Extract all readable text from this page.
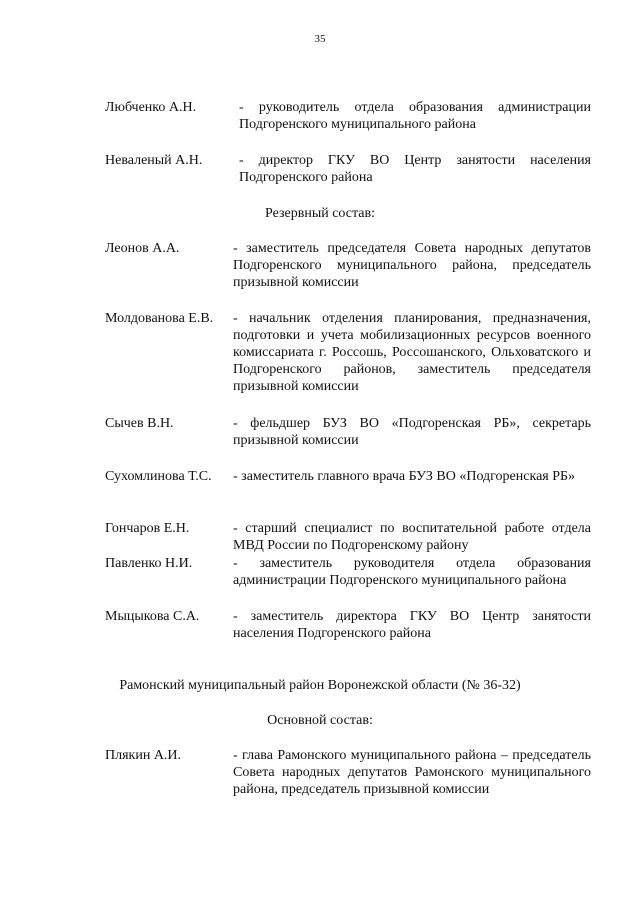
35
Любченко А.Н.	- руководитель отдела образования администрации Подгоренского муниципального района
Неваленый А.Н.	- директор ГКУ ВО Центр занятости населения Подгоренского района
Резервный состав:
Леонов А.А.	- заместитель председателя Совета народных депутатов Подгоренского муниципального района, председатель призывной комиссии
Молдованова Е.В. - начальник отделения планирования, предназначения, подготовки и учета мобилизационных ресурсов военного комиссариата г. Россошь, Россошанского, Ольховатского и Подгоренского районов, заместитель председателя призывной комиссии
Сычев В.Н.	- фельдшер БУЗ ВО «Подгоренская РБ», секретарь призывной комиссии
Сухомлинова Т.С. - заместитель главного врача БУЗ ВО «Подгоренская РБ»
Гончаров Е.Н.	- старший специалист по воспитательной работе отдела МВД России по Подгоренскому району
Павленко Н.И.	- заместитель руководителя отдела образования администрации Подгоренского муниципального района
Мыцыкова С.А. - заместитель директора ГКУ ВО Центр занятости населения Подгоренского района
Рамонский муниципальный район Воронежской области (№ 36-32)
Основной состав:
Плякин А.И.	- глава Рамонского муниципального района – председатель Совета народных депутатов Рамонского муниципального района, председатель призывной комиссии
